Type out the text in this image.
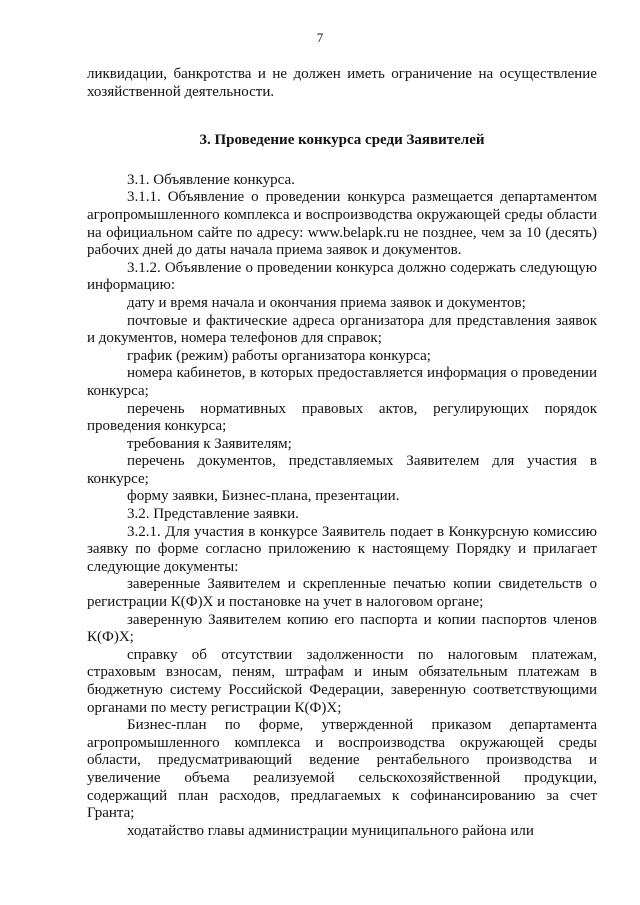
7

ликвидации, банкротства и не должен иметь ограничение на осуществление хозяйственной деятельности.

3. Проведение конкурса среди Заявителей

3.1. Объявление конкурса.

3.1.1. Объявление о проведении конкурса размещается департаментом агропромышленного комплекса и воспроизводства окружающей среды области на официальном сайте по адресу: www.belapk.ru не позднее, чем за 10 (десять) рабочих дней до даты начала приема заявок и документов.

3.1.2. Объявление о проведении конкурса должно содержать следующую информацию:

дату и время начала и окончания приема заявок и документов;

почтовые и фактические адреса организатора для представления заявок и документов, номера телефонов для справок;

график (режим) работы организатора конкурса;

номера кабинетов, в которых предоставляется информация о проведении конкурса;

перечень нормативных правовых актов, регулирующих порядок проведения конкурса;

требования к Заявителям;

перечень документов, представляемых Заявителем для участия в конкурсе;

форму заявки, Бизнес-плана, презентации.

3.2. Представление заявки.

3.2.1. Для участия в конкурсе Заявитель подает в Конкурсную комиссию заявку по форме согласно приложению к настоящему Порядку и прилагает следующие документы:

заверенные Заявителем и скрепленные печатью копии свидетельств о регистрации К(Ф)Х и постановке на учет в налоговом органе;

заверенную Заявителем копию его паспорта и копии паспортов членов К(Ф)Х;

справку об отсутствии задолженности по налоговым платежам, страховым взносам, пеням, штрафам и иным обязательным платежам в бюджетную систему Российской Федерации, заверенную соответствующими органами по месту регистрации К(Ф)Х;

Бизнес-план по форме, утвержденной приказом департамента агропромышленного комплекса и воспроизводства окружающей среды области, предусматривающий ведение рентабельного производства и увеличение объема реализуемой сельскохозяйственной продукции, содержащий план расходов, предлагаемых к софинансированию за счет Гранта;

ходатайство главы администрации муниципального района или
